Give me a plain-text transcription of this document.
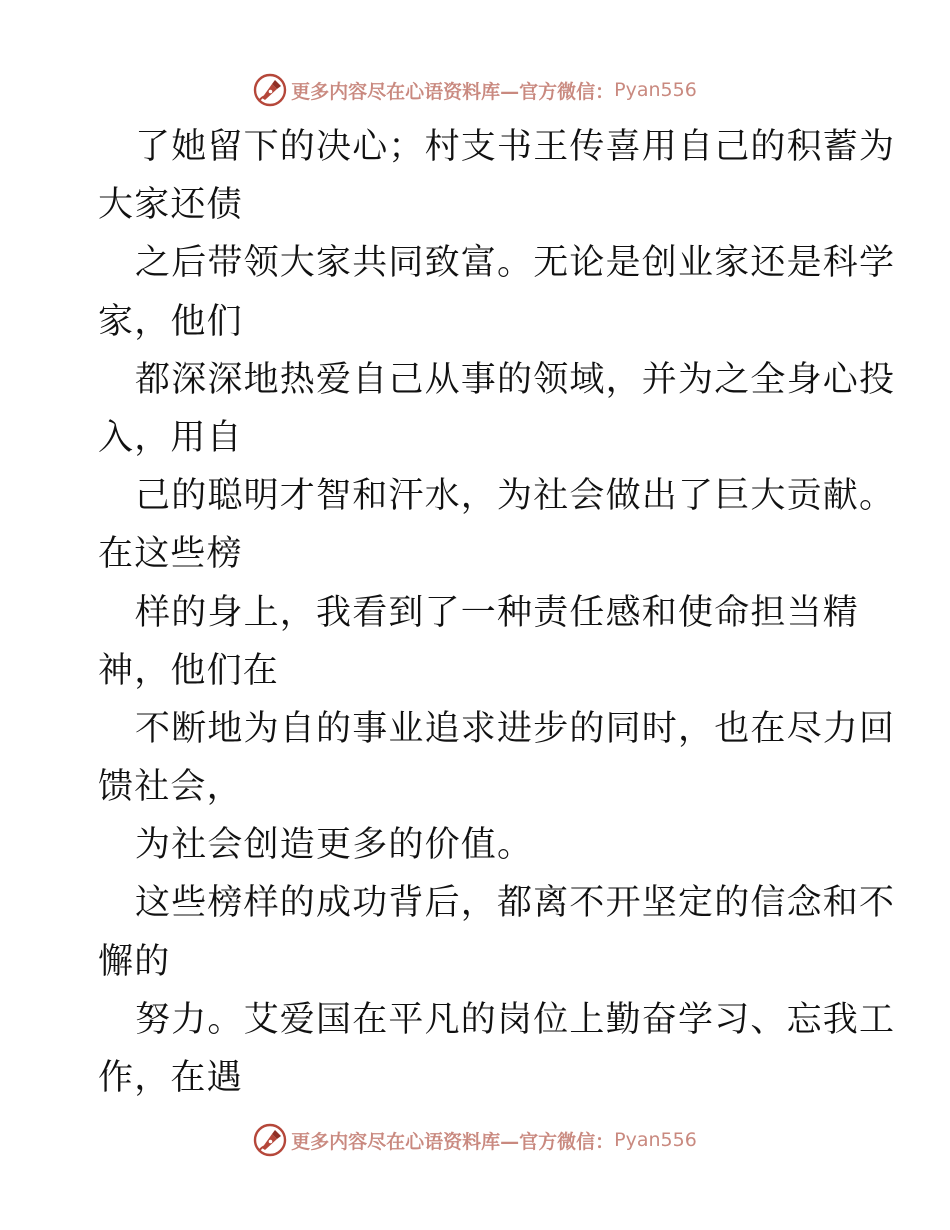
更多内容尽在心语资料库—官方微信： Pyan556
了她留下的决心；村支书王传喜用自己的积蓄为
大家还债
之后带领大家共同致富。无论是创业家还是科学
家，他们
都深深地热爱自己从事的领域，并为之全身心投
入，用自
己的聪明才智和汗水，为社会做出了巨大贡献。
在这些榜
样的身上，我看到了一种责任感和使命担当精
神，他们在
不断地为自的事业追求进步的同时，也在尽力回
馈社会，
为社会创造更多的价值。
这些榜样的成功背后，都离不开坚定的信念和不
懈的
努力。艾爱国在平凡的岗位上勤奋学习、忘我工
作，在遇
更多内容尽在心语资料库—官方微信： Pyan556
